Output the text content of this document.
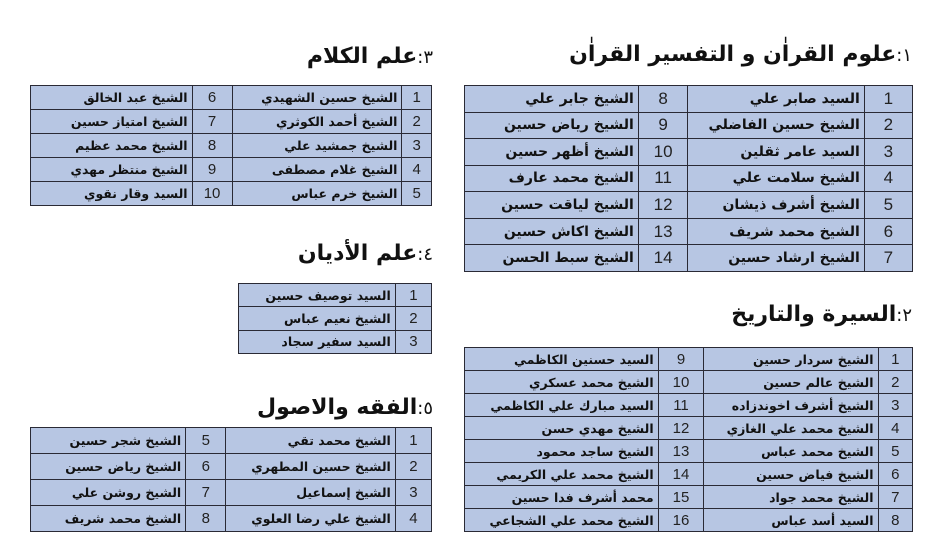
١:علوم القراٰن و التفسير القراٰن
1	السيد صابر علي	8	الشيخ جابر علي
2	الشيخ حسين الفاضلي	9	الشيخ رياض حسين
3	السيد عامر ثقلين	10	الشيخ أظهر حسين
4	الشيخ سلامت علي	11	الشيخ محمد عارف
5	الشيخ أشرف ذيشان	12	الشيخ لياقت حسين
6	الشيخ محمد شريف	13	الشيخ اكاش حسين
7	الشيخ ارشاد حسين	14	الشيخ سبط الحسن
٢:السيرة والتاريخ
1	الشيخ سردار حسين	9	السيد حسنين الكاظمي
2	الشيخ عالم حسين	10	الشيخ محمد عسكري
3	الشيخ أشرف اخوندزاده	11	السيد مبارك علي الكاظمي
4	الشيخ محمد علي الغازي	12	الشيخ مهدي حسن
5	الشيخ محمد عباس	13	الشيخ ساجد محمود
6	الشيخ فياض حسين	14	الشيخ محمد علي الكريمي
7	الشيخ محمد جواد	15	محمد أشرف فدا حسين
8	السيد أسد عباس	16	الشيخ محمد علي الشجاعي
٣:علم الكلام
1	الشيخ حسين الشهيدي	6	الشيخ عبد الخالق
2	الشيخ أحمد الكوثري	7	الشيخ امتياز حسين
3	الشيخ جمشيد علي	8	الشيخ محمد عظيم
4	الشيخ غلام مصطفى	9	الشيخ منتظر مهدي
5	الشيخ خرم عباس	10	السيد وقار نقوي
٤:علم الأديان
1	السيد توصيف حسين
2	الشيخ نعيم عباس
3	السيد سفير سجاد
٥:الفقه والاصول
1	الشيخ محمد تقي	5	الشيخ شجر حسين
2	الشيخ حسين المطهري	6	الشيخ رياض حسين
3	الشيخ إسماعيل	7	الشيخ روشن علي
4	الشيخ علي رضا العلوي	8	الشيخ محمد شريف
